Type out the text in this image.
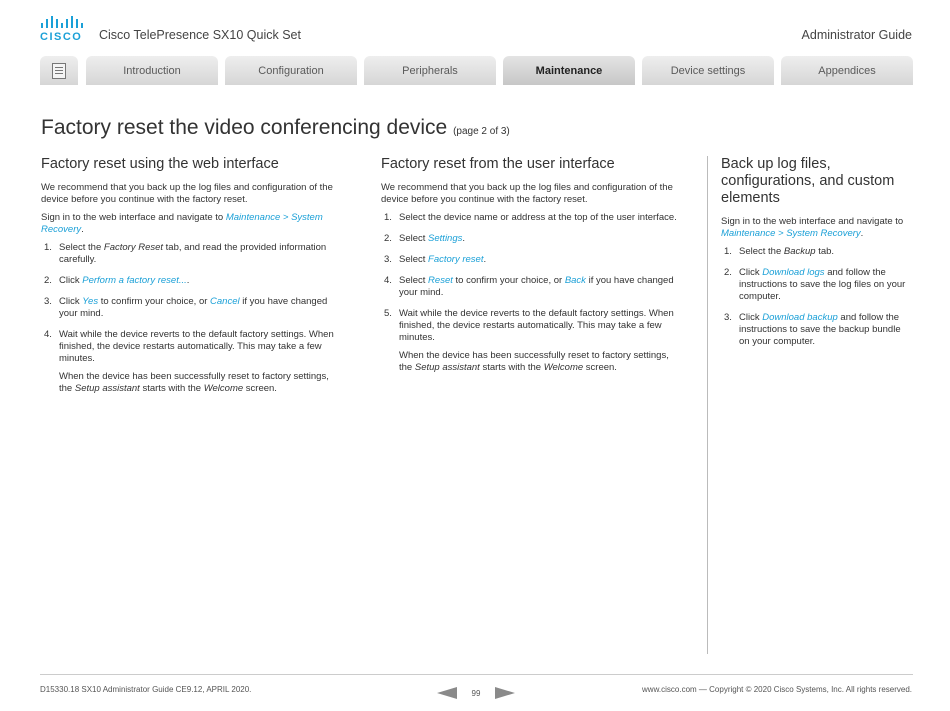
CISCO Cisco TelePresence SX10 Quick Set	Administrator Guide
Introduction	Configuration	Peripherals	Maintenance	Device settings	Appendices
Factory reset the video conferencing device (page 2 of 3)
Factory reset using the web interface

We recommend that you back up the log files and configuration of the device before you continue with the factory reset.

Sign in to the web interface and navigate to Maintenance > System Recovery.

1. Select the Factory Reset tab, and read the provided information carefully.
2. Click Perform a factory reset....
3. Click Yes to confirm your choice, or Cancel if you have changed your mind.
4. Wait while the device reverts to the default factory settings. When finished, the device restarts automatically. This may take a few minutes.

When the device has been successfully reset to factory settings, the Setup assistant starts with the Welcome screen.

Factory reset from the user interface

We recommend that you back up the log files and configuration of the device before you continue with the factory reset.

1. Select the device name or address at the top of the user interface.
2. Select Settings.
3. Select Factory reset.
4. Select Reset to confirm your choice, or Back if you have changed your mind.
5. Wait while the device reverts to the default factory settings. When finished, the device restarts automatically. This may take a few minutes.

When the device has been successfully reset to factory settings, the Setup assistant starts with the Welcome screen.

Back up log files, configurations, and custom elements

Sign in to the web interface and navigate to Maintenance > System Recovery.

1. Select the Backup tab.
2. Click Download logs and follow the instructions to save the log files on your computer.
3. Click Download backup and follow the instructions to save the backup bundle on your computer.
D15330.18 SX10 Administrator Guide CE9.12, APRIL 2020.	99	www.cisco.com — Copyright © 2020 Cisco Systems, Inc. All rights reserved.
